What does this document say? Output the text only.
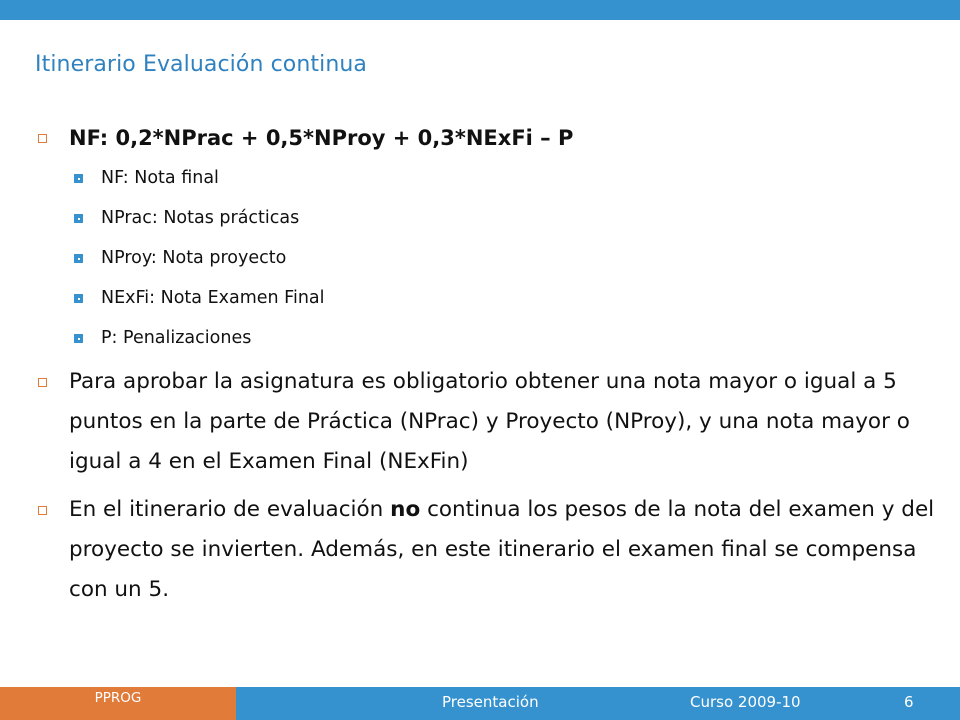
Itinerario Evaluación continua
NF: 0,2*NPrac + 0,5*NProy + 0,3*NExFi – P
NF: Nota final
NPrac: Notas prácticas
NProy: Nota proyecto
NExFi: Nota Examen Final
P: Penalizaciones
Para aprobar la asignatura es obligatorio obtener una nota mayor o igual a 5 puntos en la parte de Práctica (NPrac) y Proyecto (NProy), y una nota mayor o igual a 4 en el Examen Final (NExFin)
En el itinerario de evaluación no continua los pesos de la nota del examen y del proyecto se invierten. Además, en este itinerario el examen final se compensa con un 5.
PPROG	Presentación	Curso 2009-10	6
